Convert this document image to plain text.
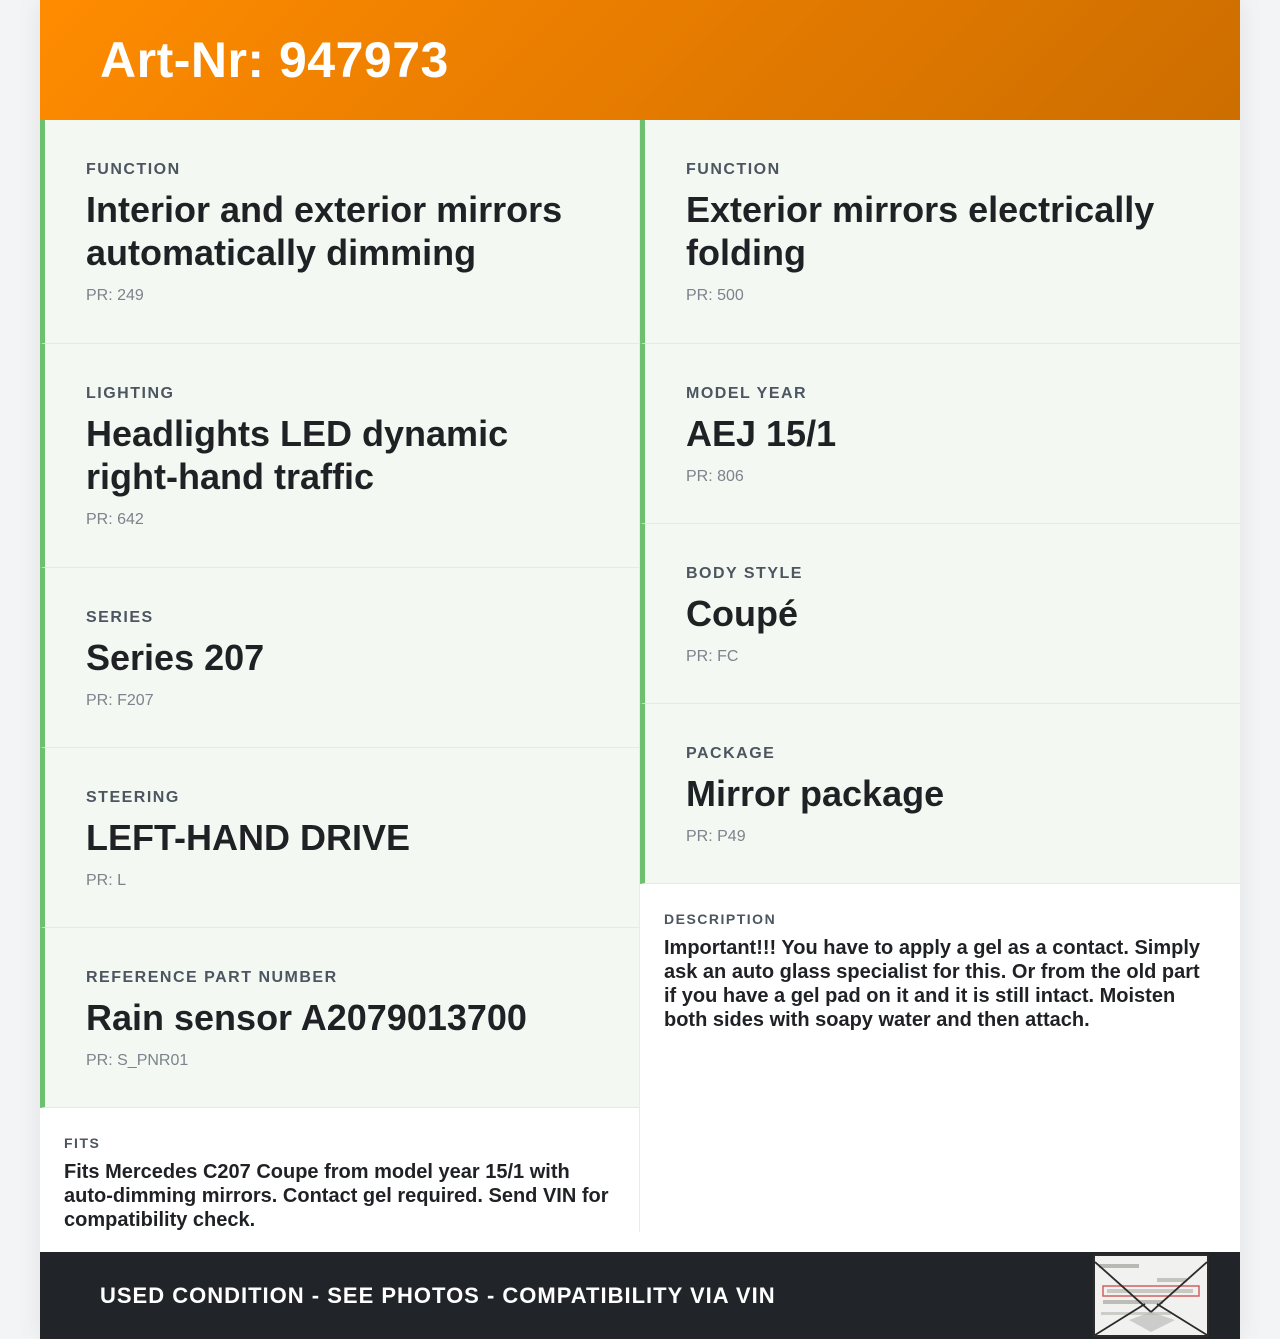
Art-Nr: 947973
FUNCTION
Interior and exterior mirrors automatically dimming
PR: 249
LIGHTING
Headlights LED dynamic right-hand traffic
PR: 642
SERIES
Series 207
PR: F207
STEERING
LEFT-HAND DRIVE
PR: L
REFERENCE PART NUMBER
Rain sensor A2079013700
PR: S_PNR01
FITS
Fits Mercedes C207 Coupe from model year 15/1 with auto-dimming mirrors. Contact gel required. Send VIN for compatibility check.
FUNCTION
Exterior mirrors electrically folding
PR: 500
MODEL YEAR
AEJ 15/1
PR: 806
BODY STYLE
Coupé
PR: FC
PACKAGE
Mirror package
PR: P49
DESCRIPTION
Important!!! You have to apply a gel as a contact. Simply ask an auto glass specialist for this. Or from the old part if you have a gel pad on it and it is still intact. Moisten both sides with soapy water and then attach.
USED CONDITION - SEE PHOTOS - COMPATIBILITY VIA VIN
